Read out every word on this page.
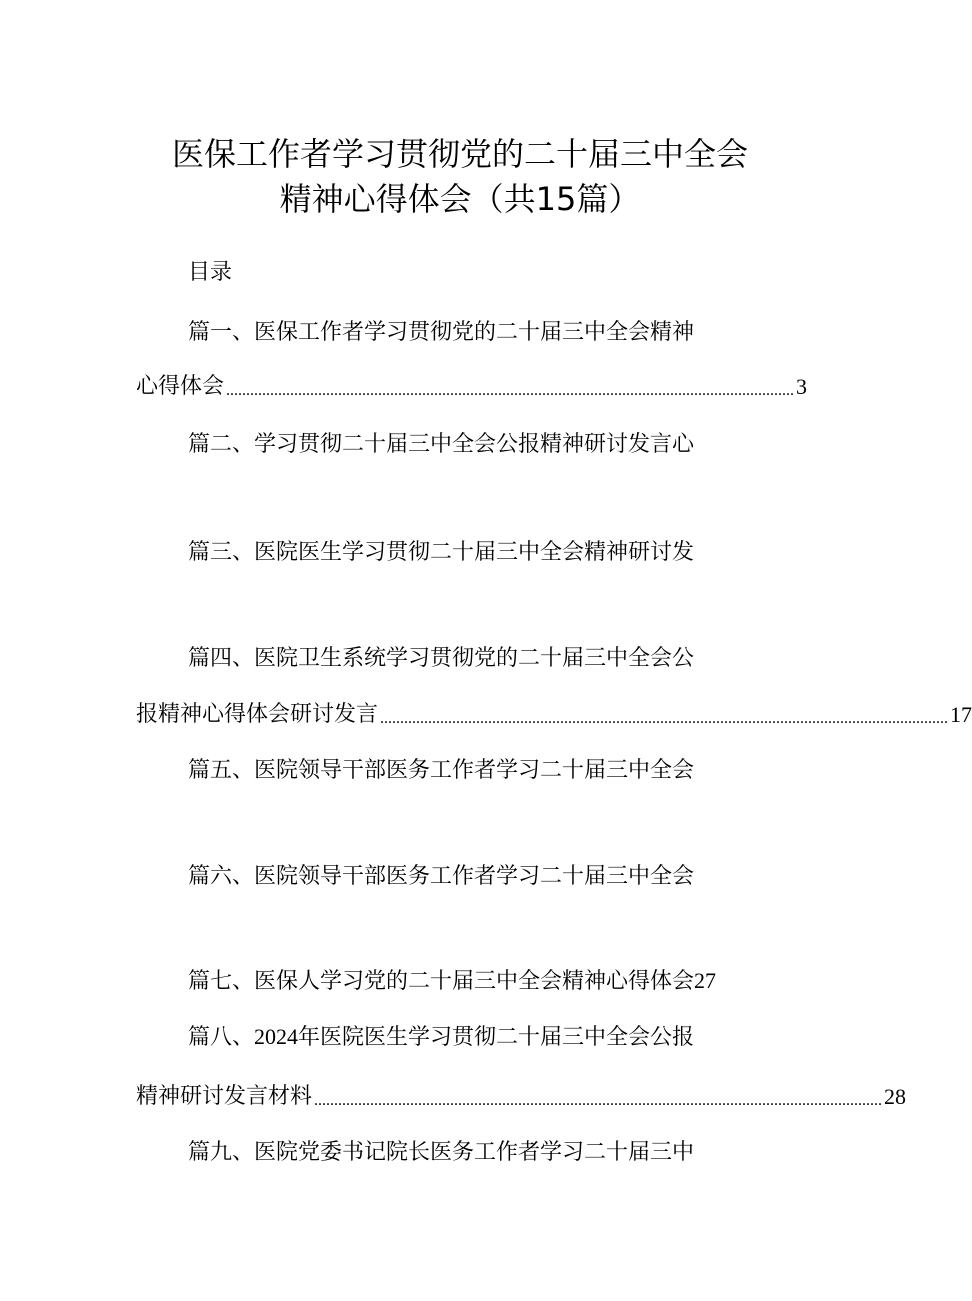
医保工作者学习贯彻党的二十届三中全会
精神心得体会（共15篇）
目录
篇一、医保工作者学习贯彻党的二十届三中全会精神
心得体会 .............................................................................................................................................. 3
篇二、学习贯彻二十届三中全会公报精神研讨发言心
篇三、医院医生学习贯彻二十届三中全会精神研讨发
篇四、医院卫生系统学习贯彻党的二十届三中全会公
报精神心得体会研讨发言 .............................................................................................................................................. 17
篇五、医院领导干部医务工作者学习二十届三中全会
篇六、医院领导干部医务工作者学习二十届三中全会
篇七、医保人学习党的二十届三中全会精神心得体会27
篇八、2024年医院医生学习贯彻二十届三中全会公报
精神研讨发言材料 .............................................................................................................................................. 28
篇九、医院党委书记院长医务工作者学习二十届三中
